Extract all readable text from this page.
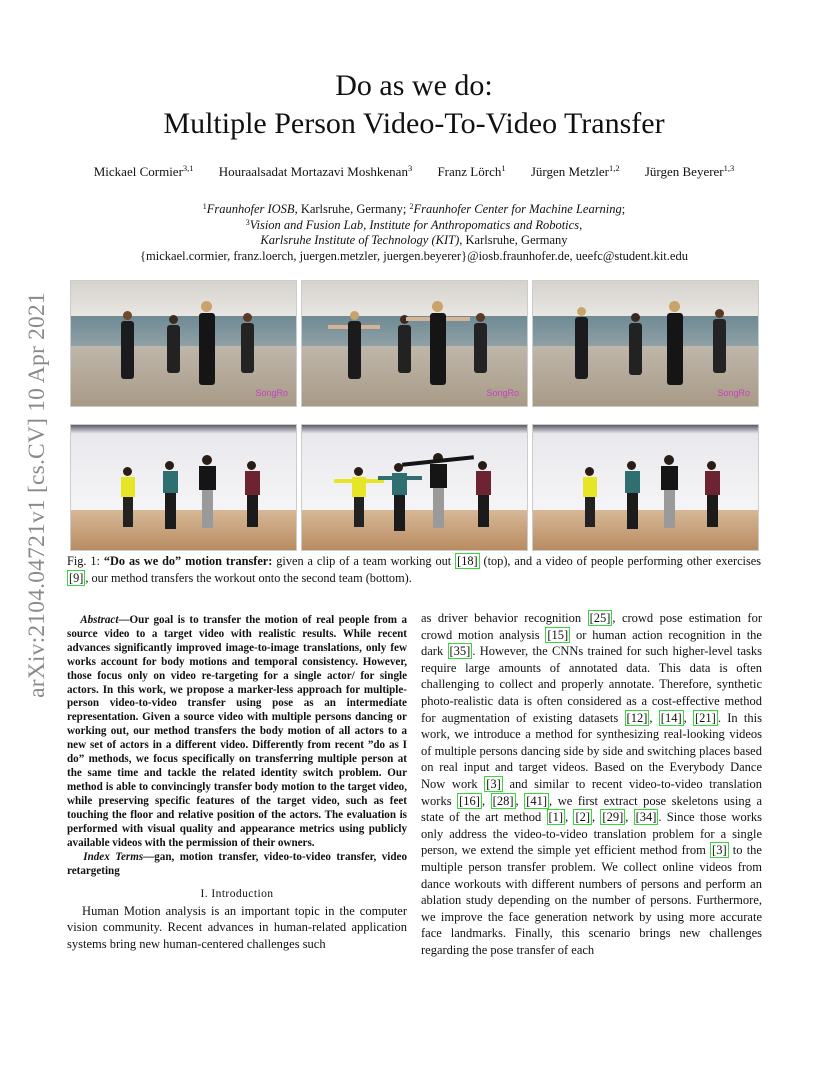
arXiv:2104.04721v1 [cs.CV] 10 Apr 2021
Do as we do:
Multiple Person Video-To-Video Transfer
Mickael Cormier$^{3,1}$ Houraalsadat Mortazavi Moshkenan$^3$ Franz Lörch$^1$ Jürgen Metzler$^{1,2}$ Jürgen Beyerer$^{1,3}$
$^1$Fraunhofer IOSB, Karlsruhe, Germany; $^2$Fraunhofer Center for Machine Learning;
$^3$Vision and Fusion Lab, Institute for Anthropomatics and Robotics,
Karlsruhe Institute of Technology (KIT), Karlsruhe, Germany
{mickael.cormier, franz.loerch, juergen.metzler, juergen.beyerer}@iosb.fraunhofer.de, ueefc@student.kit.edu
SongRo	SongRo	SongRo
Fig. 1: “Do as we do” motion transfer: given a clip of a team working out [18] (top), and a video of people performing other exercises [9] , our method transfers the workout onto the second team (bottom).

Abstract—Our goal is to transfer the motion of real people from a source video to a target video with realistic results. While recent advances significantly improved image-to-image translations, only few works account for body motions and temporal consistency. However, those focus only on video re-targeting for a single actor/ for single actors. In this work, we propose a marker-less approach for multiple-person video-to-video transfer using pose as an intermediate representation. Given a source video with multiple persons dancing or working out, our method transfers the body motion of all actors to a new set of actors in a different video. Differently from recent ”do as I do” methods, we focus specifically on transferring multiple person at the same time and tackle the related identity switch problem. Our method is able to convincingly transfer body motion to the target video, while preserving specific features of the target video, such as feet touching the floor and relative position of the actors. The evaluation is performed with visual quality and appearance metrics using publicly available videos with the permission of their owners.

Index Terms—gan, motion transfer, video-to-video transfer, video retargeting

I. Introduction

Human Motion analysis is an important topic in the computer vision community. Recent advances in human-related application systems bring new human-centered challenges such

as driver behavior recognition [25] , crowd pose estimation for crowd motion analysis [15] or human action recognition in the dark [35] . However, the CNNs trained for such higher-level tasks require large amounts of annotated data. This data is often challenging to collect and properly annotate. Therefore, synthetic photo-realistic data is often considered as a cost-effective method for augmentation of existing datasets [12] , [14] , [21] . In this work, we introduce a method for synthesizing real-looking videos of multiple persons dancing side by side and switching places based on real input and target videos. Based on the Everybody Dance Now work [3] and similar to recent video-to-video translation works [16] , [28] , [41] , we first extract pose skeletons using a state of the art method [1] , [2] , [29] , [34] . Since those works only address the video-to-video translation problem for a single person, we extend the simple yet efficient method from [3] to the multiple person transfer problem. We collect online videos from dance workouts with different numbers of persons and perform an ablation study depending on the number of persons. Furthermore, we improve the face generation network by using more accurate face landmarks. Finally, this scenario brings new challenges regarding the pose transfer of each
